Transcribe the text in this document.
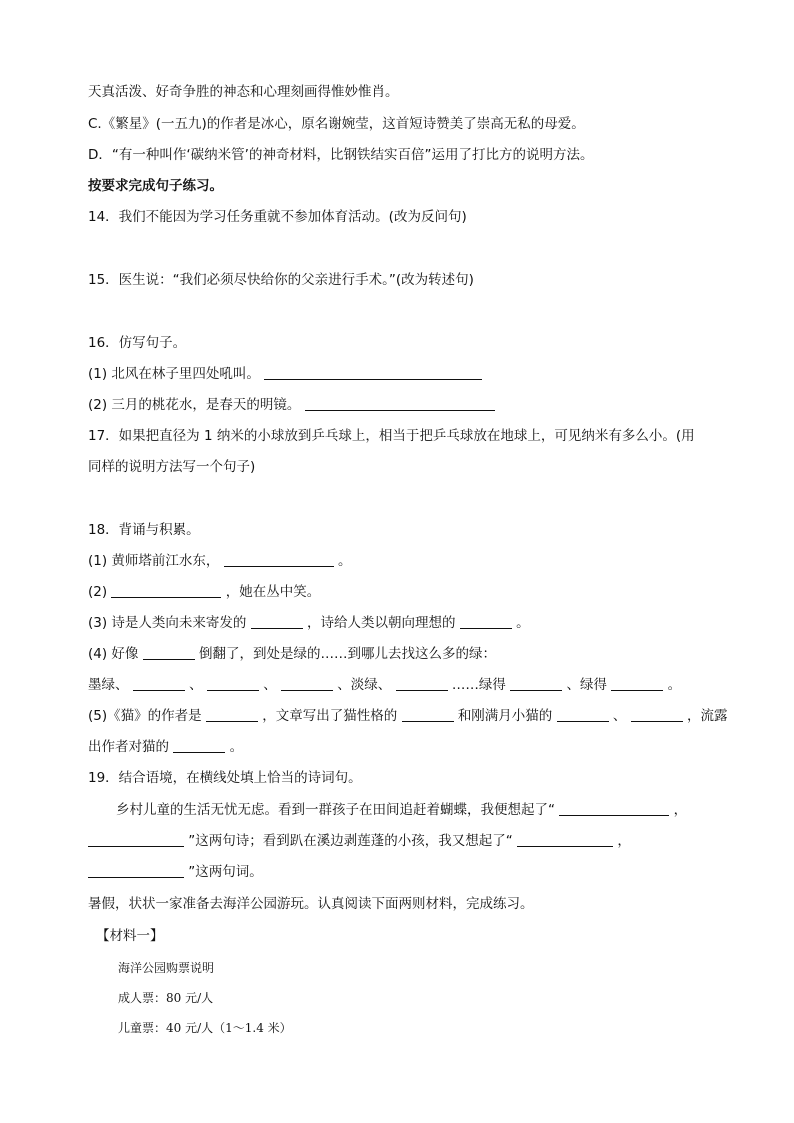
天真活泼、好奇争胜的神态和心理刻画得惟妙惟肖。
C.《繁星》(一五九)的作者是冰心，原名谢婉莹，这首短诗赞美了崇高无私的母爱。
D．“有一种叫作‘碳纳米管’的神奇材料，比钢铁结实百倍”运用了打比方的说明方法。
按要求完成句子练习。
14．我们不能因为学习任务重就不参加体育活动。(改为反问句)
15．医生说：“我们必须尽快给你的父亲进行手术。”(改为转述句)
16．仿写句子。
(1) 北风在林子里四处吼叫。
(2) 三月的桃花水，是春天的明镜。
17．如果把直径为 1 纳米的小球放到乒乓球上，相当于把乒乓球放在地球上，可见纳米有多么小。(用
同样的说明方法写一个句子)
18．背诵与积累。
(1) 黄师塔前江水东，	。
(2)	，她在丛中笑。
(3) 诗是人类向未来寄发的	，诗给人类以朝向理想的	。
(4) 好像	倒翻了，到处是绿的……到哪儿去找这么多的绿：
墨绿、	、	、	、淡绿、	……绿得	、绿得	。
(5)《猫》的作者是	，文章写出了猫性格的	和刚满月小猫的	、	，流露
出作者对猫的	。
19．结合语境，在横线处填上恰当的诗词句。
乡村儿童的生活无忧无虑。看到一群孩子在田间追赶着蝴蝶，我便想起了“	，
”这两句诗；看到趴在溪边剥莲蓬的小孩，我又想起了“	，
”这两句词。
暑假，状状一家准备去海洋公园游玩。认真阅读下面两则材料，完成练习。
【材料一】
海洋公园购票说明
成人票：80 元/人
儿童票：40 元/人（1～1.4 米）
